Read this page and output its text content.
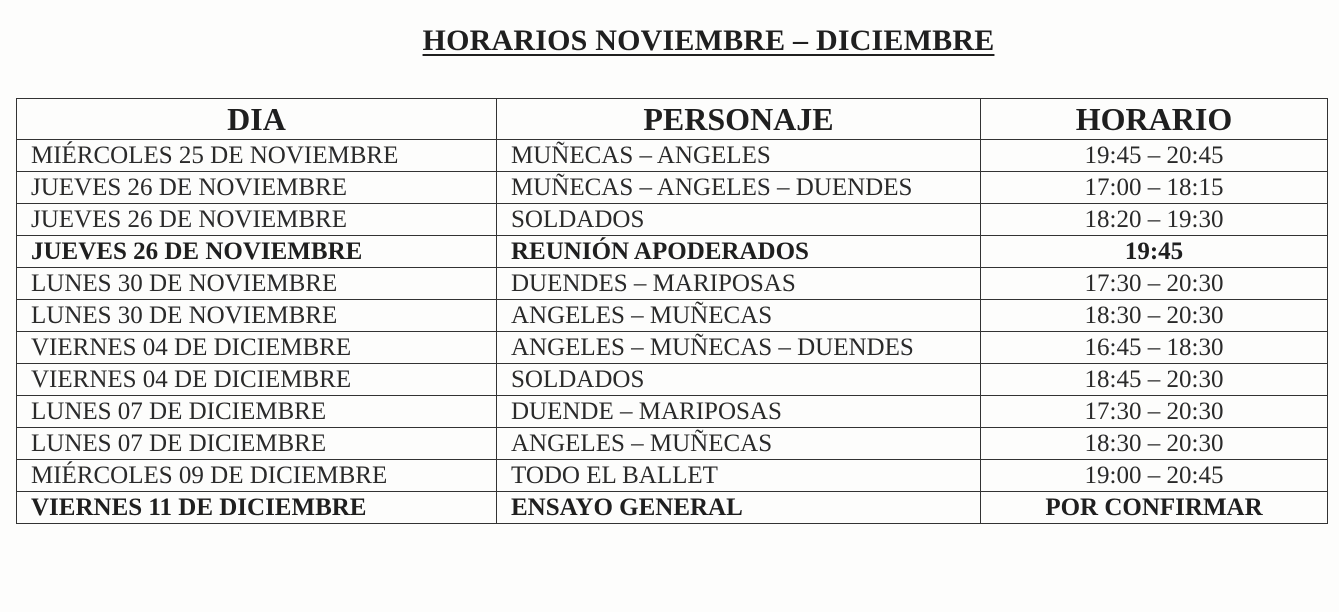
HORARIOS NOVIEMBRE – DICIEMBRE
DIA	PERSONAJE	HORARIO
MIÉRCOLES 25 DE NOVIEMBRE	MUÑECAS – ANGELES	19:45 – 20:45
JUEVES 26 DE NOVIEMBRE	MUÑECAS – ANGELES – DUENDES	17:00 – 18:15
JUEVES 26 DE NOVIEMBRE	SOLDADOS	18:20 – 19:30
JUEVES 26 DE NOVIEMBRE	REUNIÓN APODERADOS	19:45
LUNES 30 DE NOVIEMBRE	DUENDES – MARIPOSAS	17:30 – 20:30
LUNES 30 DE NOVIEMBRE	ANGELES – MUÑECAS	18:30 – 20:30
VIERNES 04 DE DICIEMBRE	ANGELES – MUÑECAS – DUENDES	16:45 – 18:30
VIERNES 04 DE DICIEMBRE	SOLDADOS	18:45 – 20:30
LUNES 07 DE DICIEMBRE	DUENDE – MARIPOSAS	17:30 – 20:30
LUNES 07 DE DICIEMBRE	ANGELES – MUÑECAS	18:30 – 20:30
MIÉRCOLES 09 DE DICIEMBRE	TODO EL BALLET	19:00 – 20:45
VIERNES 11 DE DICIEMBRE	ENSAYO GENERAL	POR CONFIRMAR
